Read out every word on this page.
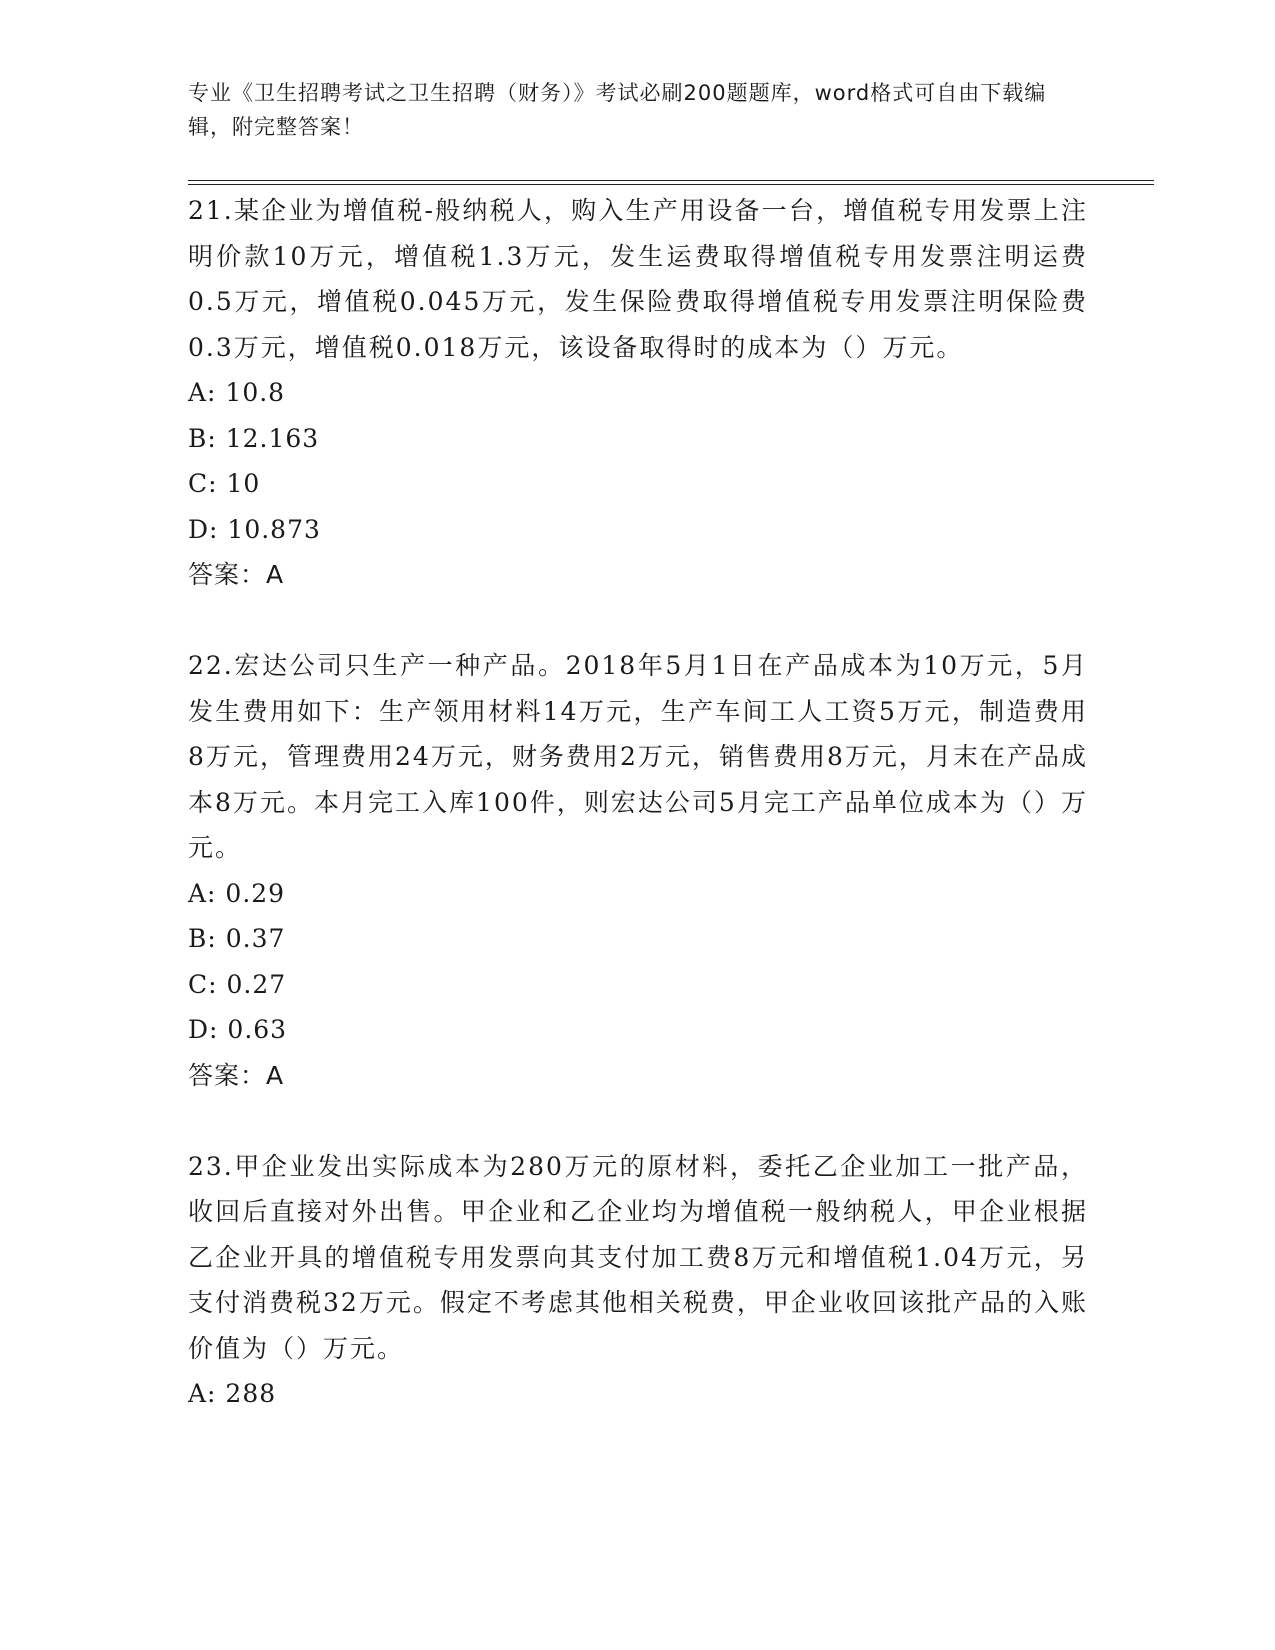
专业《卫生招聘考试之卫生招聘（财务）》考试必刷200题题库，word格式可自由下载编辑，附完整答案！

21.某企业为增值税-般纳税人，购入生产用设备一台，增值税专用发票上注明价款10万元，增值税1.3万元，发生运费取得增值税专用发票注明运费0.5万元，增值税0.045万元，发生保险费取得增值税专用发票注明保险费0.3万元，增值税0.018万元，该设备取得时的成本为（）万元。

A: 10.8

B: 12.163

C: 10

D: 10.873

答案：A

22.宏达公司只生产一种产品。2018年5月1日在产品成本为10万元，5月发生费用如下：生产领用材料14万元，生产车间工人工资5万元，制造费用8万元，管理费用24万元，财务费用2万元，销售费用8万元，月末在产品成本8万元。本月完工入库100件，则宏达公司5月完工产品单位成本为（）万元。

A: 0.29

B: 0.37

C: 0.27

D: 0.63

答案：A

23.甲企业发出实际成本为280万元的原材料，委托乙企业加工一批产品，收回后直接对外出售。甲企业和乙企业均为增值税一般纳税人，甲企业根据乙企业开具的增值税专用发票向其支付加工费8万元和增值税1.04万元，另支付消费税32万元。假定不考虑其他相关税费，甲企业收回该批产品的入账价值为（）万元。

A: 288
